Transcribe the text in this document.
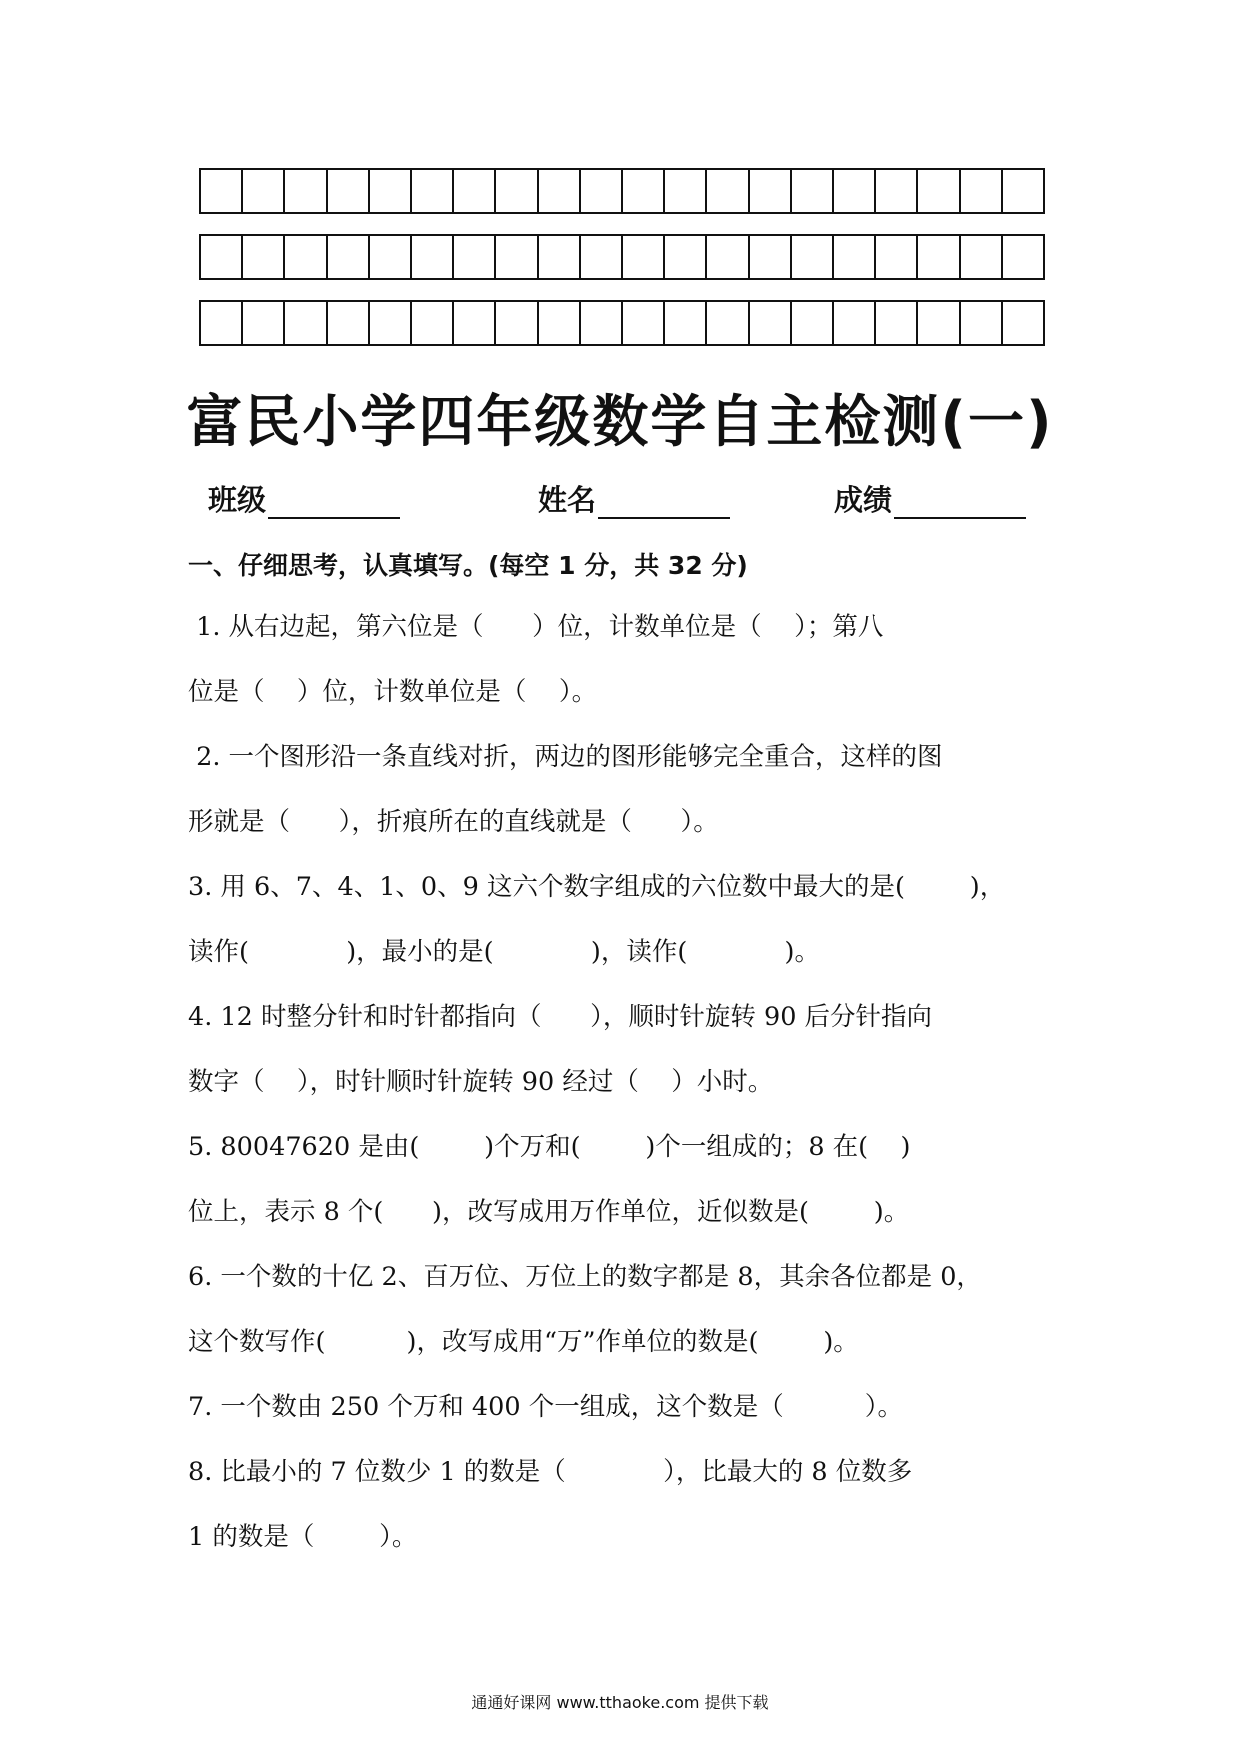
富民小学四年级数学自主检测(一)
班级	姓名	成绩
一、仔细思考，认真填写。(每空 1 分，共 32 分)
1. 从右边起，第六位是（      ）位，计数单位是（    ）；第八
位是（    ）位，计数单位是（    ）。
2. 一个图形沿一条直线对折，两边的图形能够完全重合，这样的图
形就是（      ），折痕所在的直线就是（      ）。
3. 用 6、7、4、1、0、9 这六个数字组成的六位数中最大的是(        )，
读作(            )，最小的是(            )，读作(            )。
4. 12 时整分针和时针都指向（      ），顺时针旋转 90 后分针指向
数字（    ），时针顺时针旋转 90 经过（    ）小时。
5. 80047620 是由(        )个万和(        )个一组成的；8 在(    )
位上，表示 8 个(      )，改写成用万作单位，近似数是(        )。
6. 一个数的十亿 2、百万位、万位上的数字都是 8，其余各位都是 0，
这个数写作(          )，改写成用“万”作单位的数是(        )。
7. 一个数由 250 个万和 400 个一组成，这个数是（          ）。
8. 比最小的 7 位数少 1 的数是（            ），比最大的 8 位数多
1 的数是（        ）。
通通好课网 www.tthaoke.com 提供下载
